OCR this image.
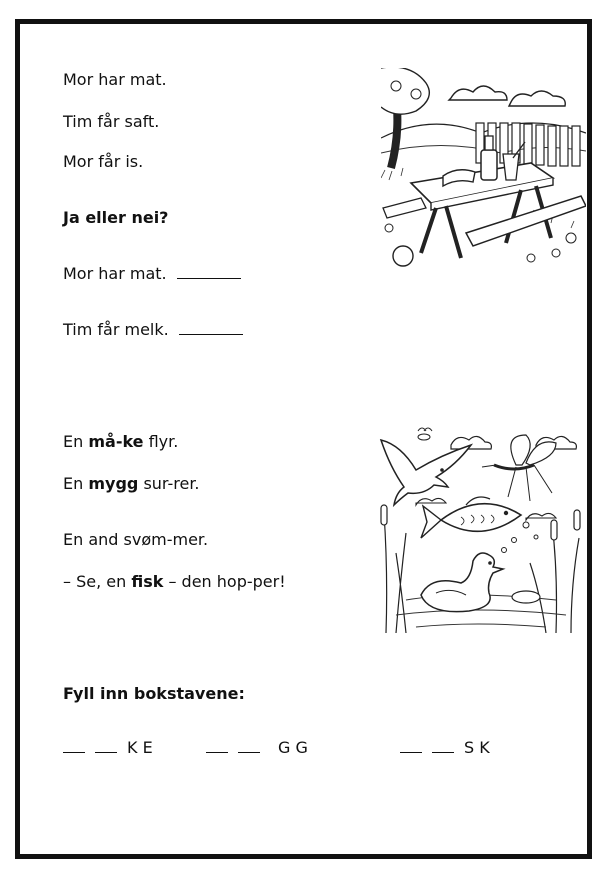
Mor har mat.
Tim får saft.
Mor får is.
Ja eller nei?
Mor har mat.
Tim får melk.
En må-ke flyr.
En mygg sur-rer.
En and svøm-mer.
– Se, en fisk – den hop-per!
Fyll inn bokstavene:
K E	G G	S K
